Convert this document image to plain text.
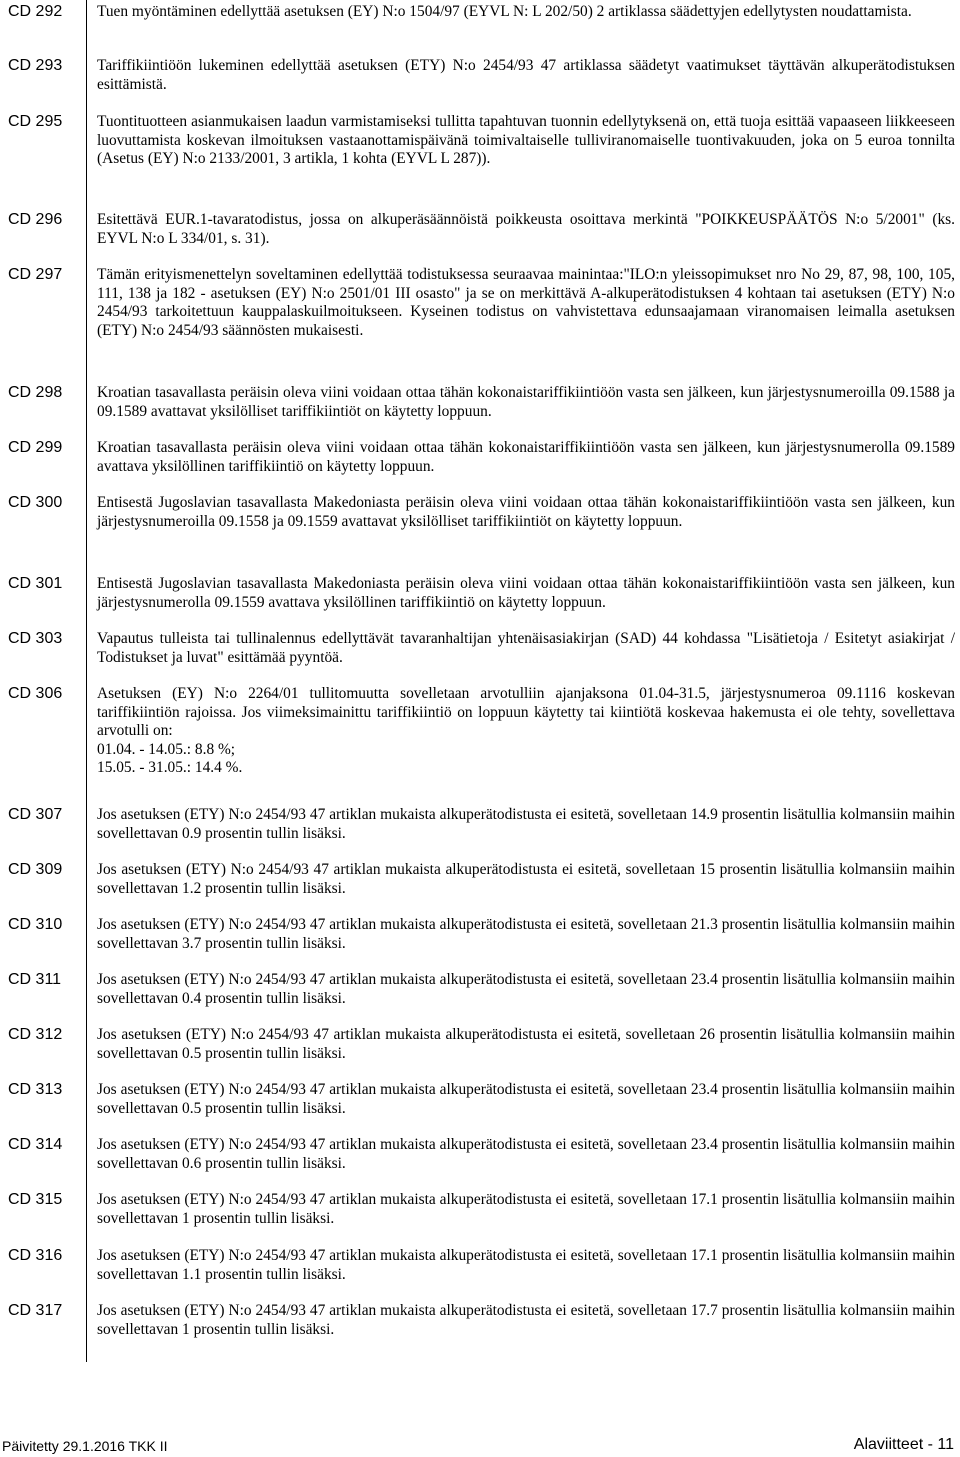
CD 292	Tuen myöntäminen edellyttää asetuksen (EY) N:o 1504/97 (EYVL N: L 202/50) 2 artiklassa säädettyjen edellytysten noudattamista.

CD 293	Tariffikiintiöön lukeminen edellyttää asetuksen (ETY) N:o 2454/93 47 artiklassa säädetyt vaatimukset täyttävän alkuperätodistuksen esittämistä.

CD 295	Tuontituotteen asianmukaisen laadun varmistamiseksi tullitta tapahtuvan tuonnin edellytyksenä on, että tuoja esittää vapaaseen liikkeeseen luovuttamista koskevan ilmoituksen vastaanottamispäivänä toimivaltaiselle tulliviranomaiselle tuontivakuuden, joka on 5 euroa tonnilta (Asetus (EY) N:o 2133/2001, 3 artikla, 1 kohta (EYVL L 287)).

CD 296	Esitettävä EUR.1-tavaratodistus, jossa on alkuperäsäännöistä poikkeusta osoittava merkintä "POIKKEUSPÄÄTÖS N:o 5/2001" (ks. EYVL N:o L 334/01, s. 31).

CD 297	Tämän erityismenettelyn soveltaminen edellyttää todistuksessa seuraavaa mainintaa:"ILO:n yleissopimukset nro No 29, 87, 98, 100, 105, 111, 138 ja 182 - asetuksen (EY) N:o 2501/01 III osasto" ja se on merkittävä A-alkuperätodistuksen 4 kohtaan tai asetuksen (ETY) N:o 2454/93 tarkoitettuun kauppalaskuilmoitukseen. Kyseinen todistus on vahvistettava edunsaajamaan viranomaisen leimalla asetuksen (ETY) N:o 2454/93 säännösten mukaisesti.

CD 298	Kroatian tasavallasta peräisin oleva viini voidaan ottaa tähän kokonaistariffikiintiöön vasta sen jälkeen, kun järjestysnumeroilla 09.1588 ja 09.1589 avattavat yksilölliset tariffikiintiöt on käytetty loppuun.

CD 299	Kroatian tasavallasta peräisin oleva viini voidaan ottaa tähän kokonaistariffikiintiöön vasta sen jälkeen, kun järjestysnumerolla 09.1589 avattava yksilöllinen tariffikiintiö on käytetty loppuun.

CD 300	Entisestä Jugoslavian tasavallasta Makedoniasta peräisin oleva viini voidaan ottaa tähän kokonaistariffikiintiöön vasta sen jälkeen, kun järjestysnumeroilla 09.1558 ja 09.1559 avattavat yksilölliset tariffikiintiöt on käytetty loppuun.

CD 301	Entisestä Jugoslavian tasavallasta Makedoniasta peräisin oleva viini voidaan ottaa tähän kokonaistariffikiintiöön vasta sen jälkeen, kun järjestysnumerolla 09.1559 avattava yksilöllinen tariffikiintiö on käytetty loppuun.

CD 303	Vapautus tulleista tai tullinalennus edellyttävät tavaranhaltijan yhtenäisasiakirjan (SAD) 44 kohdassa "Lisätietoja / Esitetyt asiakirjat / Todistukset ja luvat" esittämää pyyntöä.

CD 306	Asetuksen (EY) N:o 2264/01 tullitomuutta sovelletaan arvotulliin ajanjaksona 01.04-31.5, järjestysnumeroa 09.1116 koskevan tariffikiintiön rajoissa. Jos viimeksimainittu tariffikiintiö on loppuun käytetty tai kiintiötä koskevaa hakemusta ei ole tehty, sovellettava arvotulli on:

01.04. - 14.05.: 8.8 %;

15.05. - 31.05.: 14.4 %.

CD 307	Jos asetuksen (ETY) N:o 2454/93 47 artiklan mukaista alkuperätodistusta ei esitetä, sovelletaan 14.9 prosentin lisätullia kolmansiin maihin sovellettavan 0.9 prosentin tullin lisäksi.

CD 309	Jos asetuksen (ETY) N:o 2454/93 47 artiklan mukaista alkuperätodistusta ei esitetä, sovelletaan 15 prosentin lisätullia kolmansiin maihin sovellettavan 1.2 prosentin tullin lisäksi.

CD 310	Jos asetuksen (ETY) N:o 2454/93 47 artiklan mukaista alkuperätodistusta ei esitetä, sovelletaan 21.3 prosentin lisätullia kolmansiin maihin sovellettavan 3.7 prosentin tullin lisäksi.

CD 311	Jos asetuksen (ETY) N:o 2454/93 47 artiklan mukaista alkuperätodistusta ei esitetä, sovelletaan 23.4 prosentin lisätullia kolmansiin maihin sovellettavan 0.4 prosentin tullin lisäksi.

CD 312	Jos asetuksen (ETY) N:o 2454/93 47 artiklan mukaista alkuperätodistusta ei esitetä, sovelletaan 26 prosentin lisätullia kolmansiin maihin sovellettavan 0.5 prosentin tullin lisäksi.

CD 313	Jos asetuksen (ETY) N:o 2454/93 47 artiklan mukaista alkuperätodistusta ei esitetä, sovelletaan 23.4 prosentin lisätullia kolmansiin maihin sovellettavan 0.5 prosentin tullin lisäksi.

CD 314	Jos asetuksen (ETY) N:o 2454/93 47 artiklan mukaista alkuperätodistusta ei esitetä, sovelletaan 23.4 prosentin lisätullia kolmansiin maihin sovellettavan 0.6 prosentin tullin lisäksi.

CD 315	Jos asetuksen (ETY) N:o 2454/93 47 artiklan mukaista alkuperätodistusta ei esitetä, sovelletaan 17.1 prosentin lisätullia kolmansiin maihin sovellettavan 1 prosentin tullin lisäksi.

CD 316	Jos asetuksen (ETY) N:o 2454/93 47 artiklan mukaista alkuperätodistusta ei esitetä, sovelletaan 17.1 prosentin lisätullia kolmansiin maihin sovellettavan 1.1 prosentin tullin lisäksi.

CD 317	Jos asetuksen (ETY) N:o 2454/93 47 artiklan mukaista alkuperätodistusta ei esitetä, sovelletaan 17.7 prosentin lisätullia kolmansiin maihin sovellettavan 1 prosentin tullin lisäksi.

Päivitetty 29.1.2016 TKK II	Alaviitteet - 11
